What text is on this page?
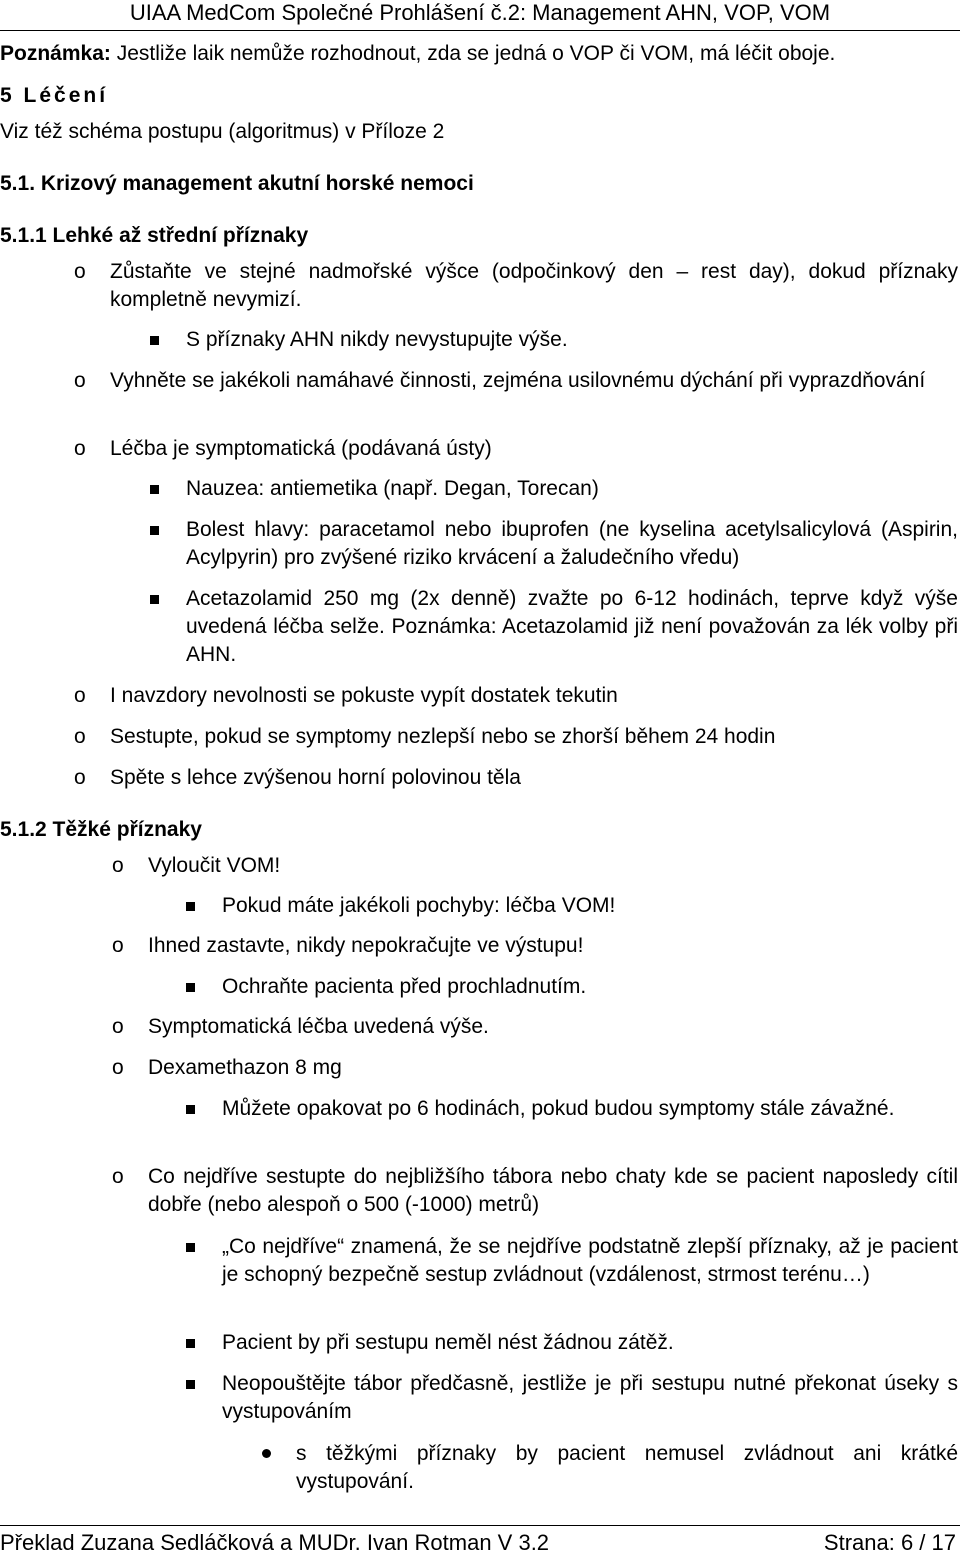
UIAA MedCom Společné Prohlášení č.2: Management AHN, VOP, VOM
Poznámka: Jestliže laik nemůže rozhodnout, zda se jedná o VOP či VOM, má léčit oboje.
5 Léčení
Viz též schéma postupu (algoritmus) v Příloze 2
5.1. Krizový management akutní horské nemoci
5.1.1 Lehké až střední příznaky
o Zůstaňte ve stejné nadmořské výšce (odpočinkový den – rest day), dokud příznaky kompletně nevymizí.
S příznaky AHN nikdy nevystupujte výše.
o Vyhněte se jakékoli namáhavé činnosti, zejména usilovnému dýchání při vyprazdňování
o Léčba je symptomatická (podávaná ústy)
Nauzea: antiemetika (např. Degan, Torecan)
Bolest hlavy: paracetamol nebo ibuprofen (ne kyselina acetylsalicylová (Aspirin, Acylpyrin) pro zvýšené riziko krvácení a žaludečního vředu)
Acetazolamid 250 mg (2x denně) zvažte po 6-12 hodinách, teprve když výše uvedená léčba selže. Poznámka: Acetazolamid již není považován za lék volby při AHN.
o I navzdory nevolnosti se pokuste vypít dostatek tekutin
o Sestupte, pokud se symptomy nezlepší nebo se zhorší během 24 hodin
o Spěte s lehce zvýšenou horní polovinou těla
5.1.2 Těžké příznaky
o Vyloučit VOM!
Pokud máte jakékoli pochyby: léčba VOM!
o Ihned zastavte, nikdy nepokračujte ve výstupu!
Ochraňte pacienta před prochladnutím.
o Symptomatická léčba uvedená výše.
o Dexamethazon 8 mg
Můžete opakovat po 6 hodinách, pokud budou symptomy stále závažné.
o Co nejdříve sestupte do nejbližšího tábora nebo chaty kde se pacient naposledy cítil dobře (nebo alespoň o 500 (-1000) metrů)
„Co nejdříve“ znamená, že se nejdříve podstatně zlepší příznaky, až je pacient je schopný bezpečně sestup zvládnout (vzdálenost, strmost terénu…)
Pacient by při sestupu neměl nést žádnou zátěž.
Neopouštějte tábor předčasně, jestliže je při sestupu nutné překonat úseky s vystupováním
s těžkými příznaky by pacient nemusel zvládnout ani krátké vystupování.
Překlad Zuzana Sedláčková a MUDr. Ivan Rotman V 3.2	Strana: 6 / 17
